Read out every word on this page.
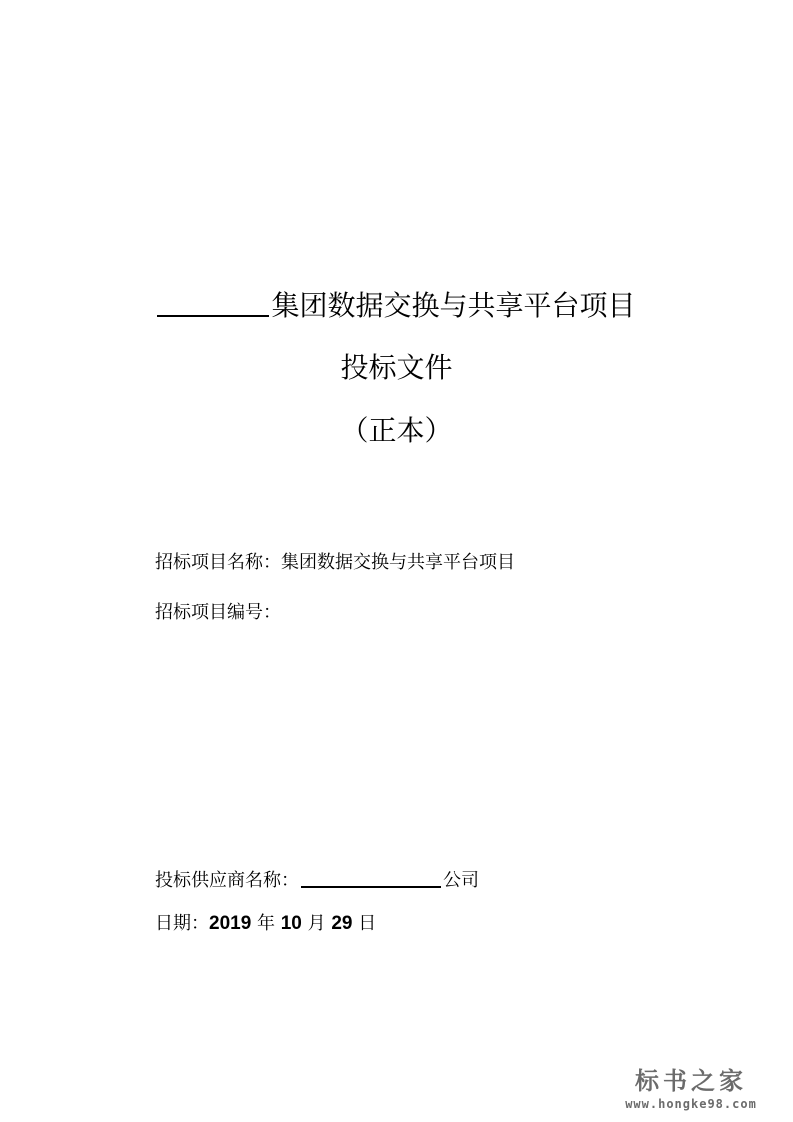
集团数据交换与共享平台项目
投标文件
（正本）
招标项目名称：集团数据交换与共享平台项目
招标项目编号：
投标供应商名称：	公司
日期：2019 年 10 月 29 日
标书之家
www.hongke98.com
